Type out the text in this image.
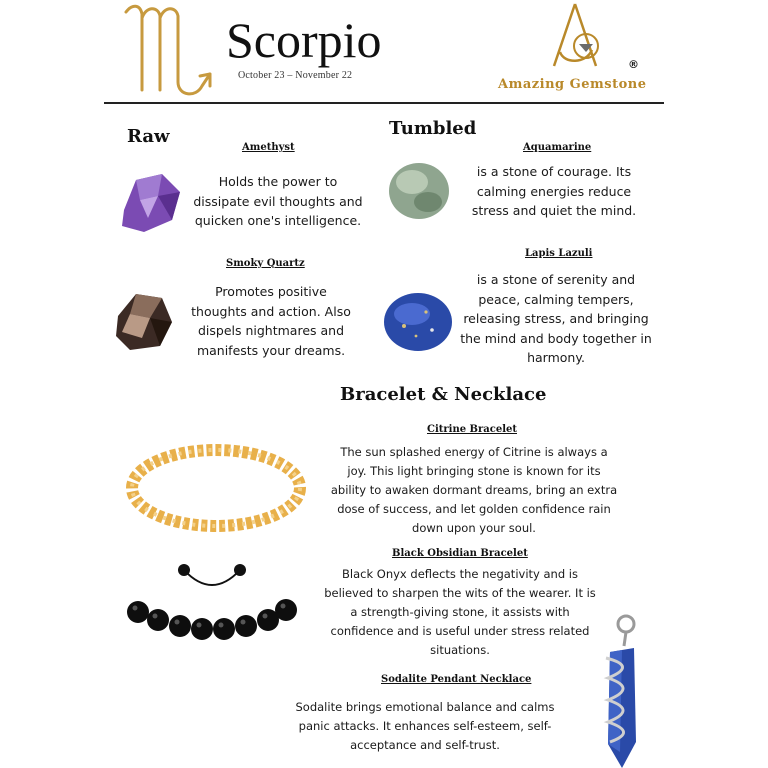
Scorpio
October 23 – November 22
®
Amazing Gemstone
Raw	Tumbled
Bracelet & Necklace
Amethyst
Holds the power to
dissipate evil thoughts and
quicken one's intelligence.
Smoky Quartz
Promotes positive
thoughts and action. Also
dispels nightmares and
manifests your dreams.
Aquamarine
is a stone of courage. Its
calming energies reduce
stress and quiet the mind.
Lapis Lazuli
is a stone of serenity and
peace, calming tempers,
releasing stress, and bringing
the mind and body together in
harmony.
Citrine Bracelet
The sun splashed energy of Citrine is always a
joy. This light bringing stone is known for its
ability to awaken dormant dreams, bring an extra
dose of success, and let golden confidence rain
down upon your soul.
Black Obsidian Bracelet
Black Onyx deflects the negativity and is
believed to sharpen the wits of the wearer. It is
a strength-giving stone, it assists with
confidence and is useful under stress related
situations.
Sodalite Pendant Necklace
Sodalite brings emotional balance and calms
panic attacks. It enhances self-esteem, self-
acceptance and self-trust.
